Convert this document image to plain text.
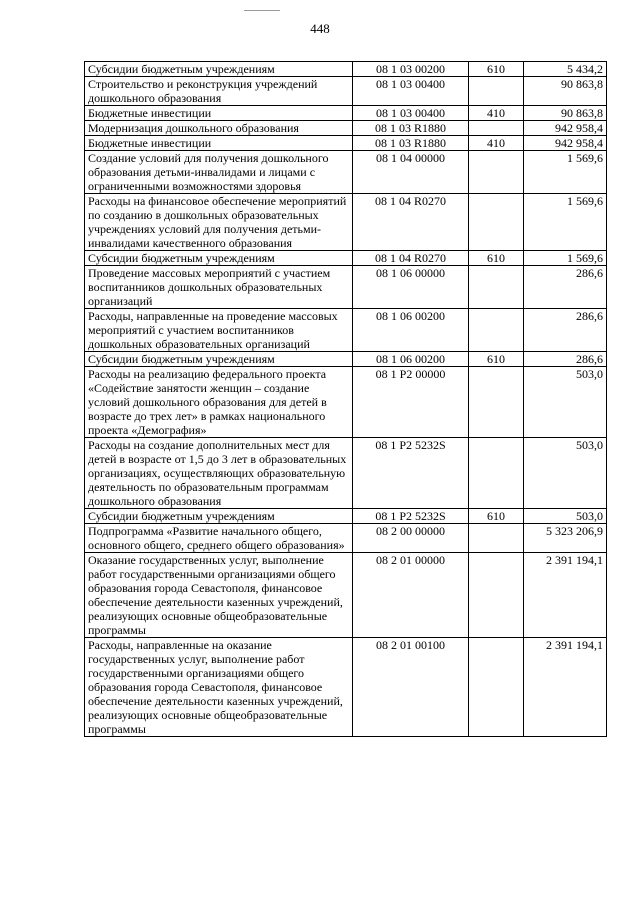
448
Субсидии бюджетным учреждениям	08 1 03 00200	610	5 434,2
Строительство и реконструкция учреждений дошкольного образования	08 1 03 00400		90 863,8
Бюджетные инвестиции	08 1 03 00400	410	90 863,8
Модернизация дошкольного образования	08 1 03 R1880		942 958,4
Бюджетные инвестиции	08 1 03 R1880	410	942 958,4
Создание условий для получения дошкольного образования детьми-инвалидами и лицами с ограниченными возможностями здоровья	08 1 04 00000		1 569,6
Расходы на финансовое обеспечение мероприятий по созданию в дошкольных образовательных учреждениях условий для получения детьми-инвалидами качественного образования	08 1 04 R0270		1 569,6
Субсидии бюджетным учреждениям	08 1 04 R0270	610	1 569,6
Проведение массовых мероприятий с участием воспитанников дошкольных образовательных организаций	08 1 06 00000		286,6
Расходы, направленные на проведение массовых мероприятий с участием воспитанников дошкольных образовательных организаций	08 1 06 00200		286,6
Субсидии бюджетным учреждениям	08 1 06 00200	610	286,6
Расходы на реализацию федерального проекта «Содействие занятости женщин – создание условий дошкольного образования для детей в возрасте до трех лет» в рамках национального проекта «Демография»	08 1 P2 00000		503,0
Расходы на создание дополнительных мест для детей в возрасте от 1,5 до 3 лет в образовательных организациях, осуществляющих образовательную деятельность по образовательным программам дошкольного образования	08 1 P2 5232S		503,0
Субсидии бюджетным учреждениям	08 1 P2 5232S	610	503,0
Подпрограмма «Развитие начального общего, основного общего, среднего общего образования»	08 2 00 00000		5 323 206,9
Оказание государственных услуг, выполнение работ государственными организациями общего образования города Севастополя, финансовое обеспечение деятельности казенных учреждений, реализующих основные общеобразовательные программы	08 2 01 00000		2 391 194,1
Расходы, направленные на оказание государственных услуг, выполнение работ государственными организациями общего образования города Севастополя, финансовое обеспечение деятельности казенных учреждений, реализующих основные общеобразовательные программы	08 2 01 00100		2 391 194,1
